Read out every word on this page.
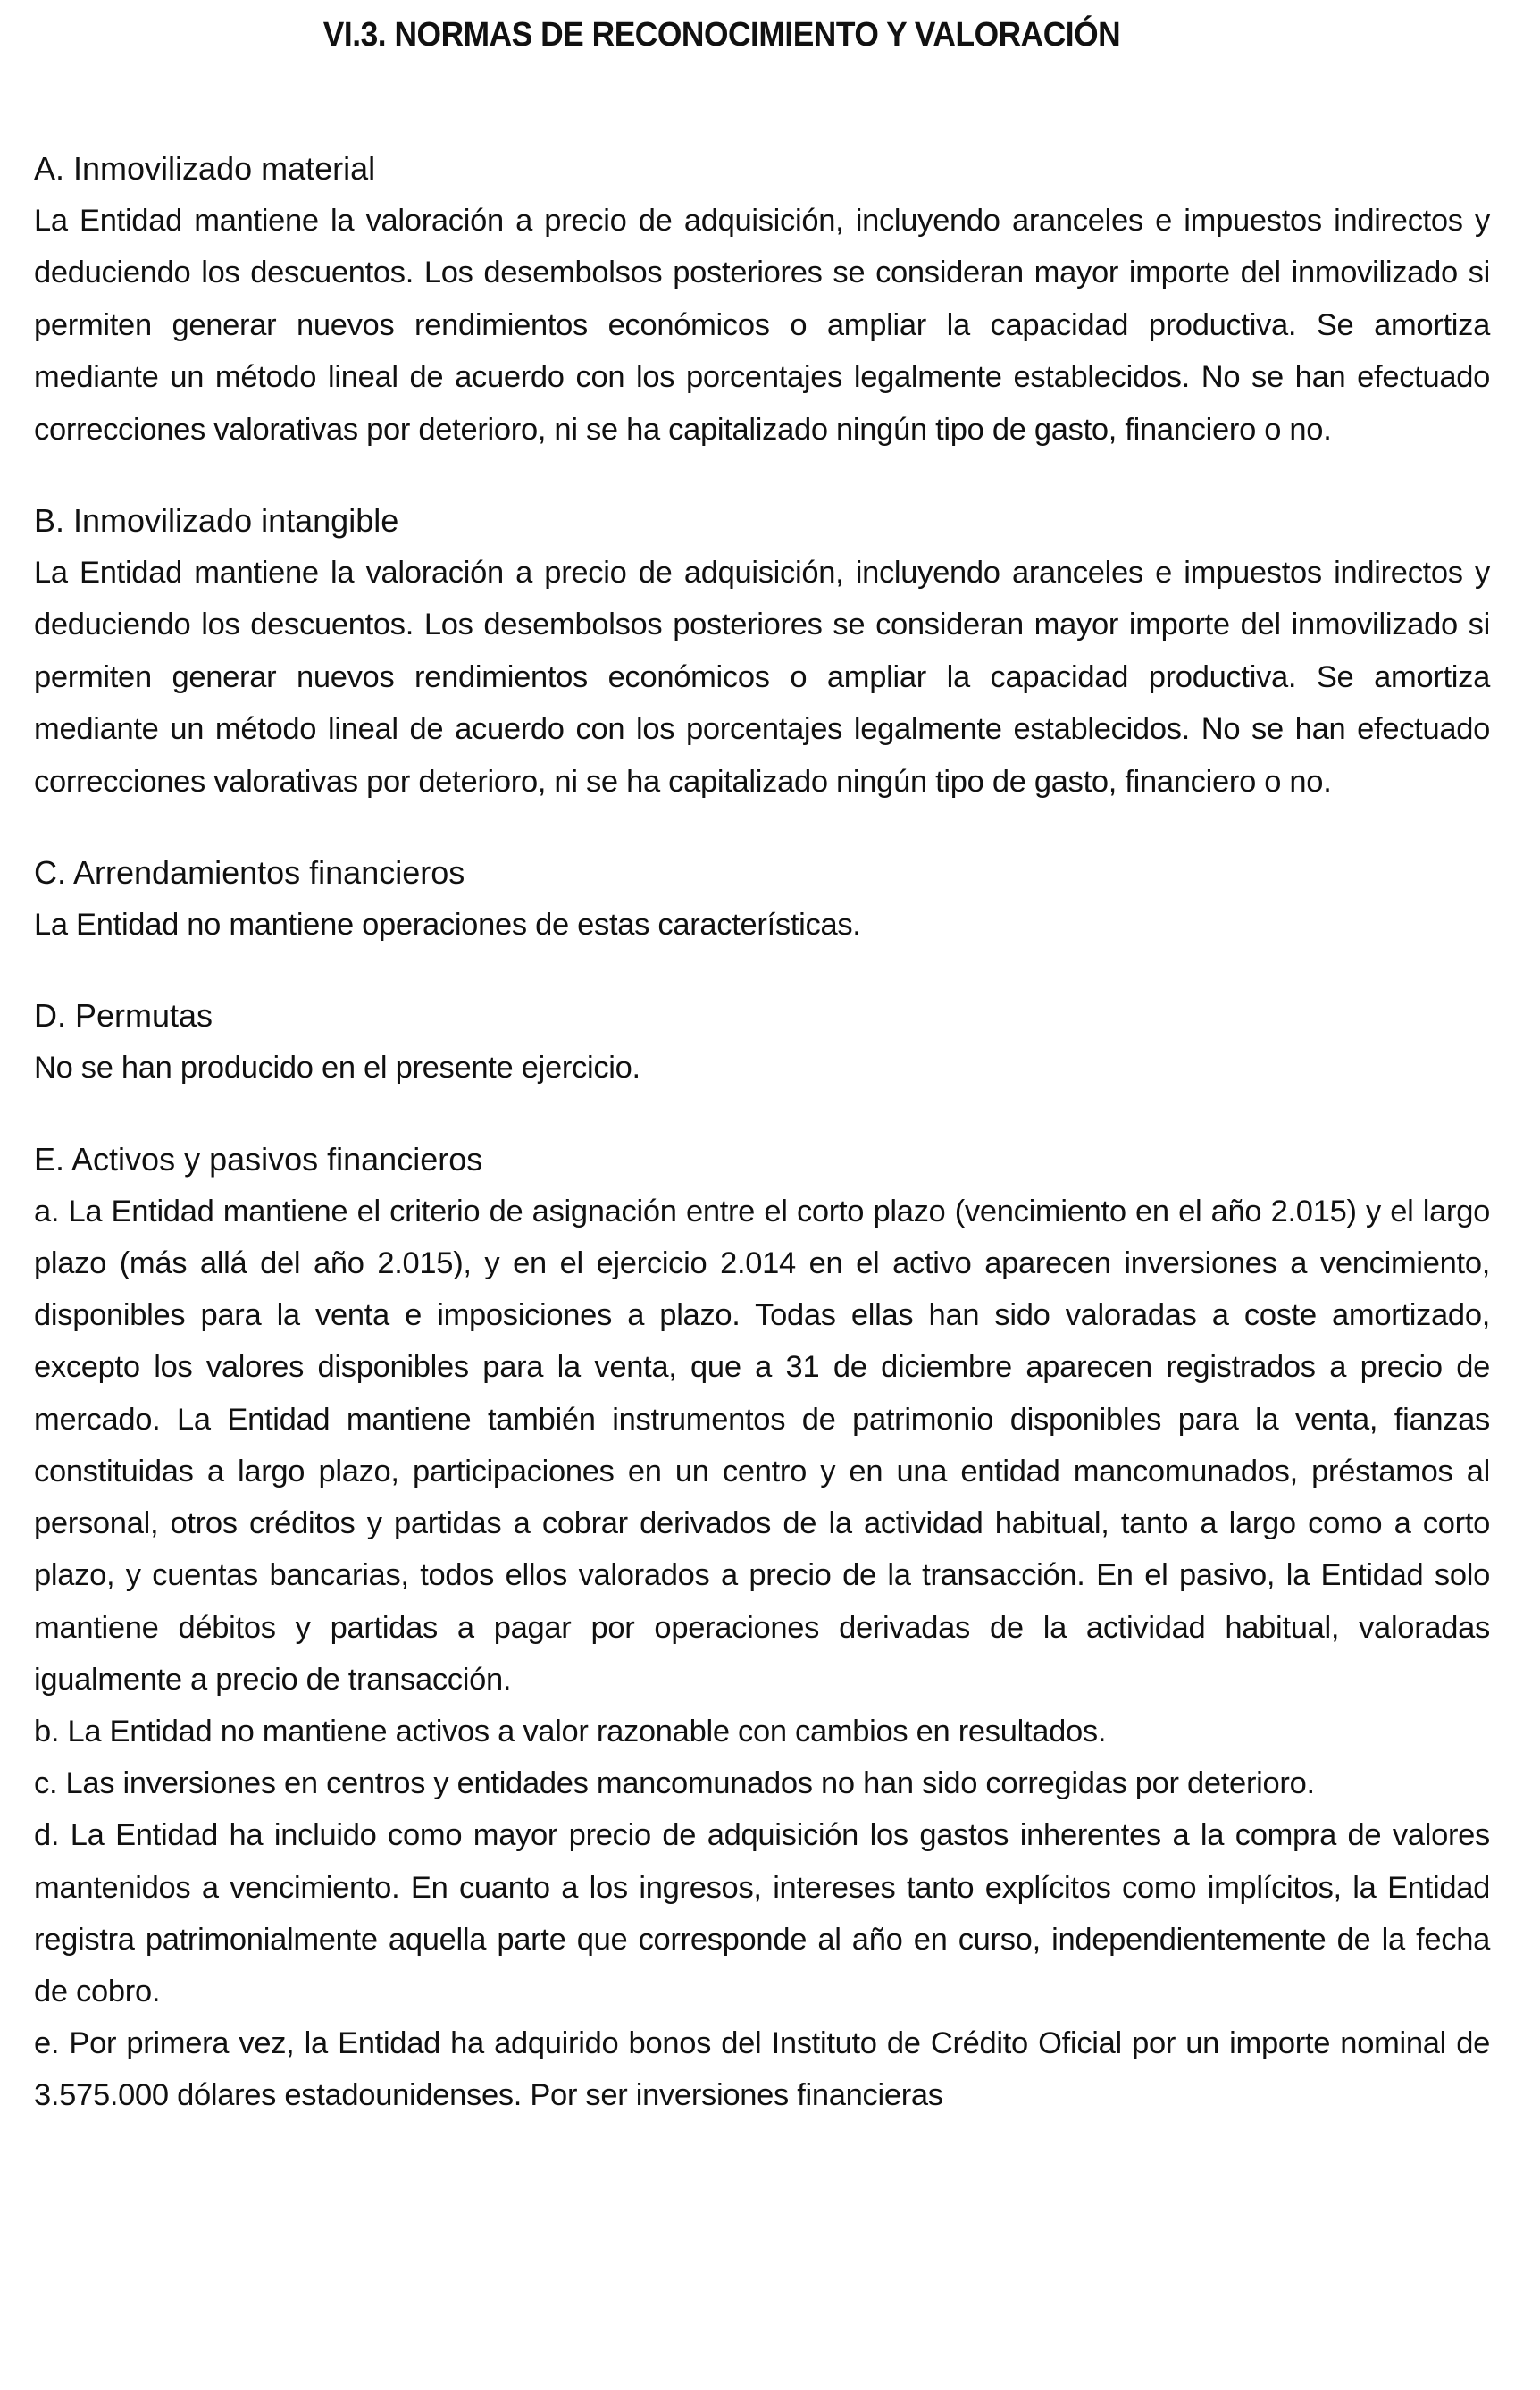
VI.3. NORMAS DE RECONOCIMIENTO Y VALORACIÓN
A. Inmovilizado material

La Entidad mantiene la valoración a precio de adquisición, incluyendo aranceles e impuestos indirectos y deduciendo los descuentos. Los desembolsos posteriores se consideran mayor importe del inmovilizado si permiten generar nuevos rendimientos económicos o ampliar la capacidad productiva. Se amortiza mediante un método lineal de acuerdo con los porcentajes legalmente establecidos. No se han efectuado correcciones valorativas por deterioro, ni se ha capitalizado ningún tipo de gasto, financiero o no.

B. Inmovilizado intangible

La Entidad mantiene la valoración a precio de adquisición, incluyendo aranceles e impuestos indirectos y deduciendo los descuentos. Los desembolsos posteriores se consideran mayor importe del inmovilizado si permiten generar nuevos rendimientos económicos o ampliar la capacidad productiva. Se amortiza mediante un método lineal de acuerdo con los porcentajes legalmente establecidos. No se han efectuado correcciones valorativas por deterioro, ni se ha capitalizado ningún tipo de gasto, financiero o no.

C. Arrendamientos financieros

La Entidad no mantiene operaciones de estas características.

D. Permutas

No se han producido en el presente ejercicio.

E. Activos y pasivos financieros

a. La Entidad mantiene el criterio de asignación entre el corto plazo (vencimiento en el año 2.015) y el largo plazo (más allá del año 2.015), y en el ejercicio 2.014 en el activo aparecen inversiones a vencimiento, disponibles para la venta e imposiciones a plazo. Todas ellas han sido valoradas a coste amortizado, excepto los valores disponibles para la venta, que a 31 de diciembre aparecen registrados a precio de mercado. La Entidad mantiene también instrumentos de patrimonio disponibles para la venta, fianzas constituidas a largo plazo, participaciones en un centro y en una entidad mancomunados, préstamos al personal, otros créditos y partidas a cobrar derivados de la actividad habitual, tanto a largo como a corto plazo, y cuentas bancarias, todos ellos valorados a precio de la transacción. En el pasivo, la Entidad solo mantiene débitos y partidas a pagar por operaciones derivadas de la actividad habitual, valoradas igualmente a precio de transacción.

b. La Entidad no mantiene activos a valor razonable con cambios en resultados.

c. Las inversiones en centros y entidades mancomunados no han sido corregidas por deterioro.

d. La Entidad ha incluido como mayor precio de adquisición los gastos inherentes a la compra de valores mantenidos a vencimiento. En cuanto a los ingresos, intereses tanto explícitos como implícitos, la Entidad registra patrimonialmente aquella parte que corresponde al año en curso, independientemente de la fecha de cobro.

e. Por primera vez, la Entidad ha adquirido bonos del Instituto de Crédito Oficial por un importe nominal de 3.575.000 dólares estadounidenses. Por ser inversiones financieras
